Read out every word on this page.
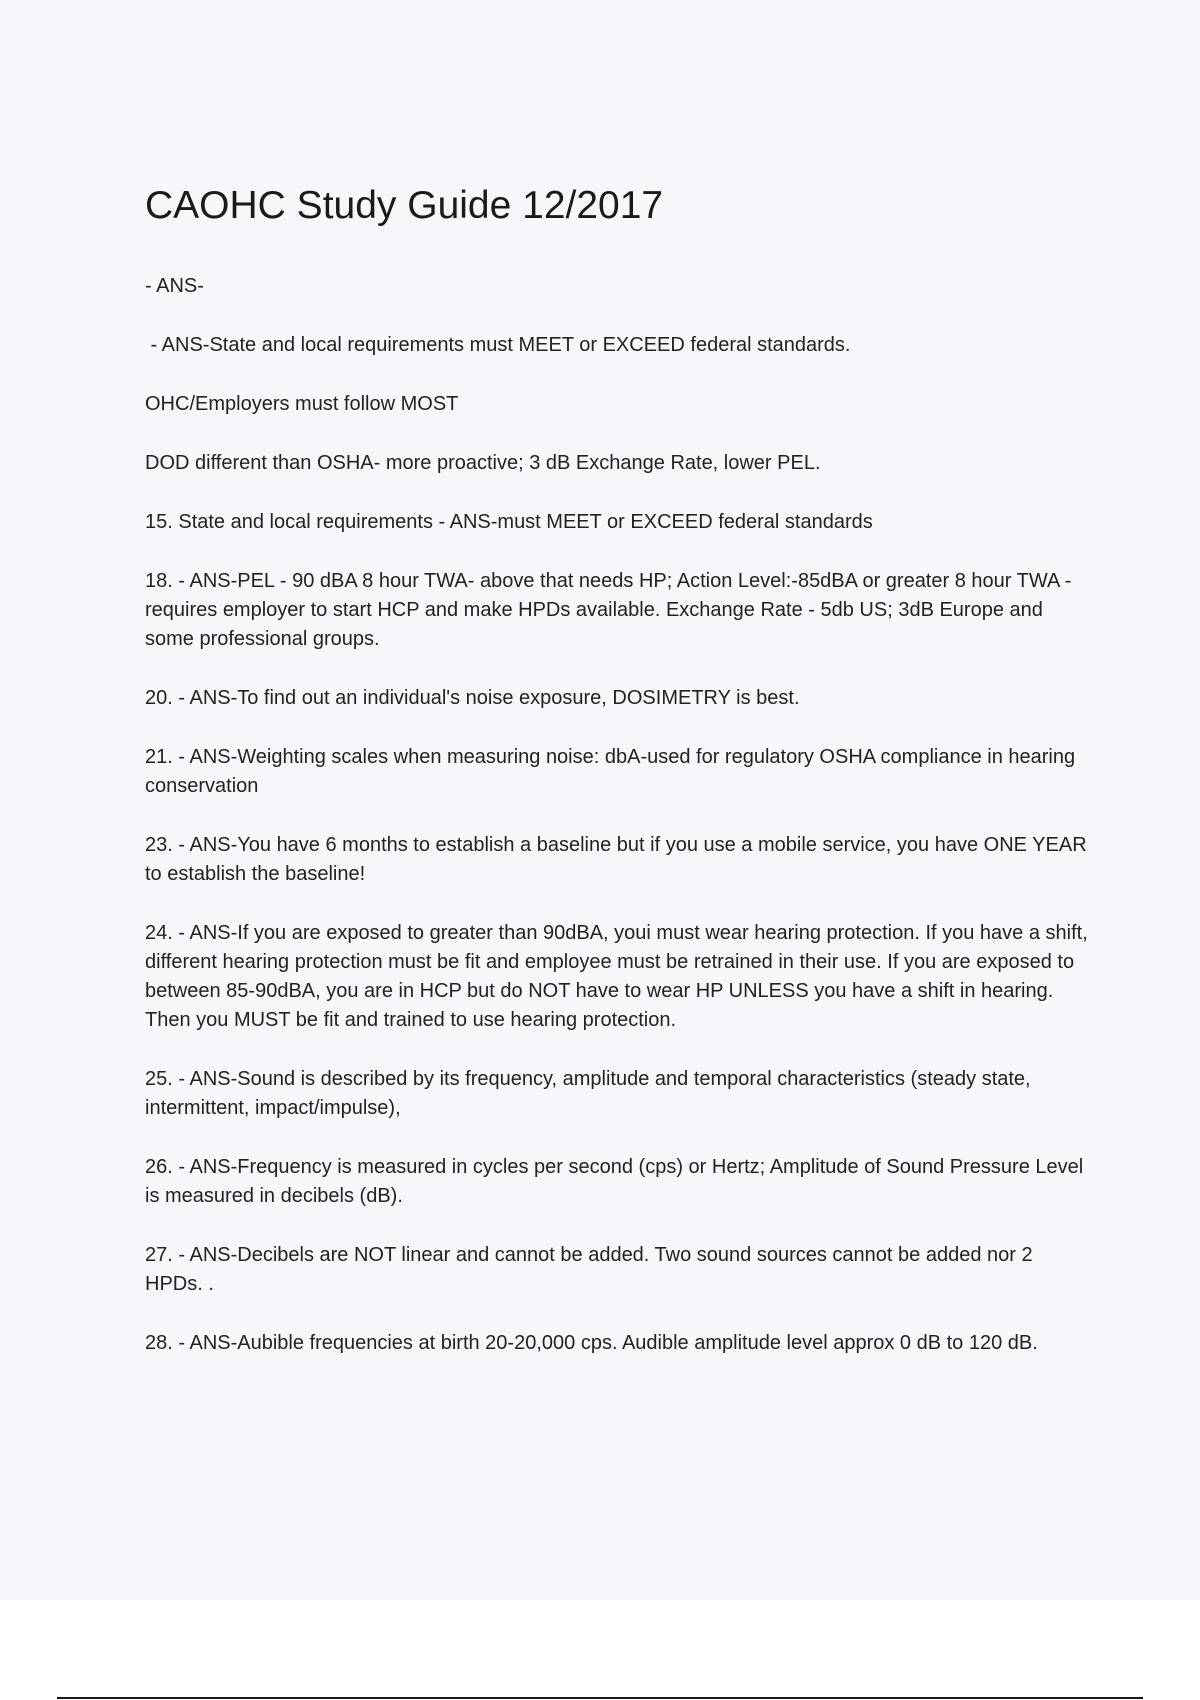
CAOHC Study Guide 12/2017

- ANS-

- ANS-State and local requirements must MEET or EXCEED federal standards.

OHC/Employers must follow MOST

DOD different than OSHA- more proactive; 3 dB Exchange Rate, lower PEL.

15. State and local requirements - ANS-must MEET or EXCEED federal standards

18. - ANS-PEL - 90 dBA 8 hour TWA- above that needs HP; Action Level:-85dBA or greater 8 hour TWA -requires employer to start HCP and make HPDs available. Exchange Rate - 5db US; 3dB Europe and some professional groups.

20. - ANS-To find out an individual's noise exposure, DOSIMETRY is best.

21. - ANS-Weighting scales when measuring noise: dbA-used for regulatory OSHA compliance in hearing conservation

23. - ANS-You have 6 months to establish a baseline but if you use a mobile service, you have ONE YEAR to establish the baseline!

24. - ANS-If you are exposed to greater than 90dBA, youi must wear hearing protection. If you have a shift, different hearing protection must be fit and employee must be retrained in their use. If you are exposed to between 85-90dBA, you are in HCP but do NOT have to wear HP UNLESS you have a shift in hearing. Then you MUST be fit and trained to use hearing protection.

25. - ANS-Sound is described by its frequency, amplitude and temporal characteristics (steady state, intermittent, impact/impulse),

26. - ANS-Frequency is measured in cycles per second (cps) or Hertz; Amplitude of Sound Pressure Level is measured in decibels (dB).

27. - ANS-Decibels are NOT linear and cannot be added. Two sound sources cannot be added nor 2 HPDs. .

28. - ANS-Aubible frequencies at birth 20-20,000 cps. Audible amplitude level approx 0 dB to 120 dB.
